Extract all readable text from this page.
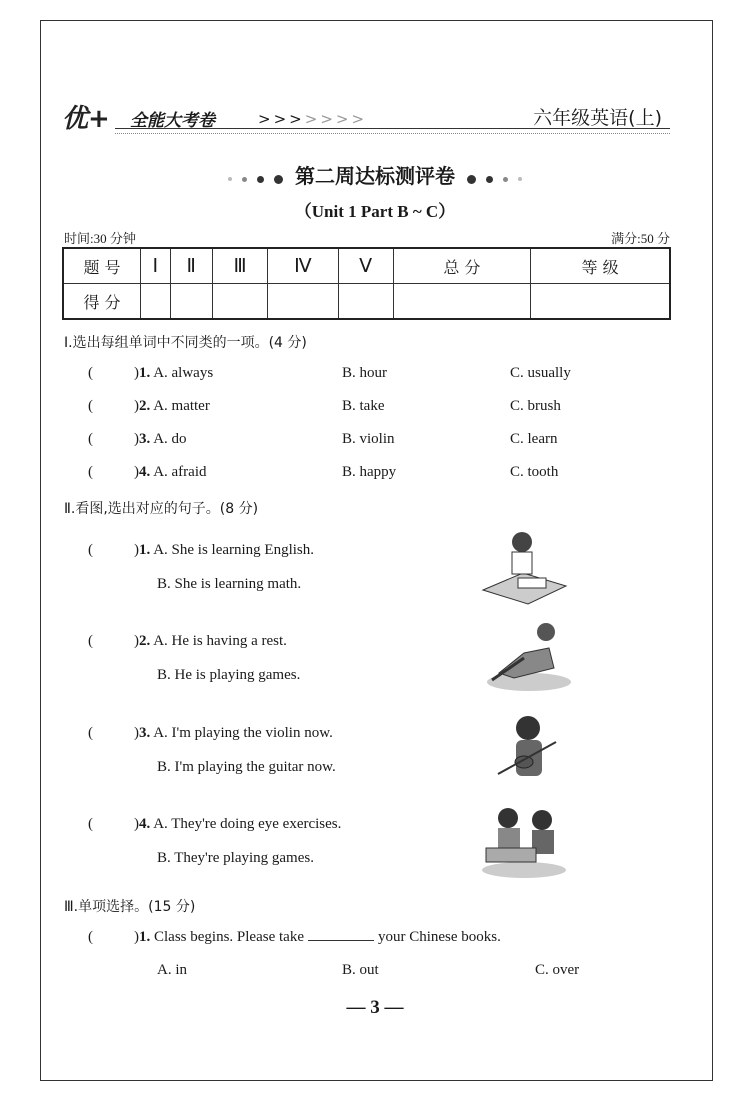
优+ 全能大考卷	>>>>>>>	六年级英语(上)
第二周达标测评卷
（Unit 1 Part B ~ C）
时间:30 分钟	满分:50 分
题 号	Ⅰ	Ⅱ	Ⅲ	Ⅳ	Ⅴ	总 分	等 级
得 分							
Ⅰ.选出每组单词中不同类的一项。(4 分)
(	)1. A. always	B. hour	C. usually
(	)2. A. matter	B. take	C. brush
(	)3. A. do	B. violin	C. learn
(	)4. A. afraid	B. happy	C. tooth
Ⅱ.看图,选出对应的句子。(8 分)
(	)1. A. She is learning English.
B. She is learning math.
(	)2. A. He is having a rest.
B. He is playing games.
(	)3. A. I'm playing the violin now.
B. I'm playing the guitar now.
(	)4. A. They're doing eye exercises.
B. They're playing games.
Ⅲ.单项选择。(15 分)
(	)1. Class begins. Please take	your Chinese books.
A. in	B. out	C. over
— 3 —
